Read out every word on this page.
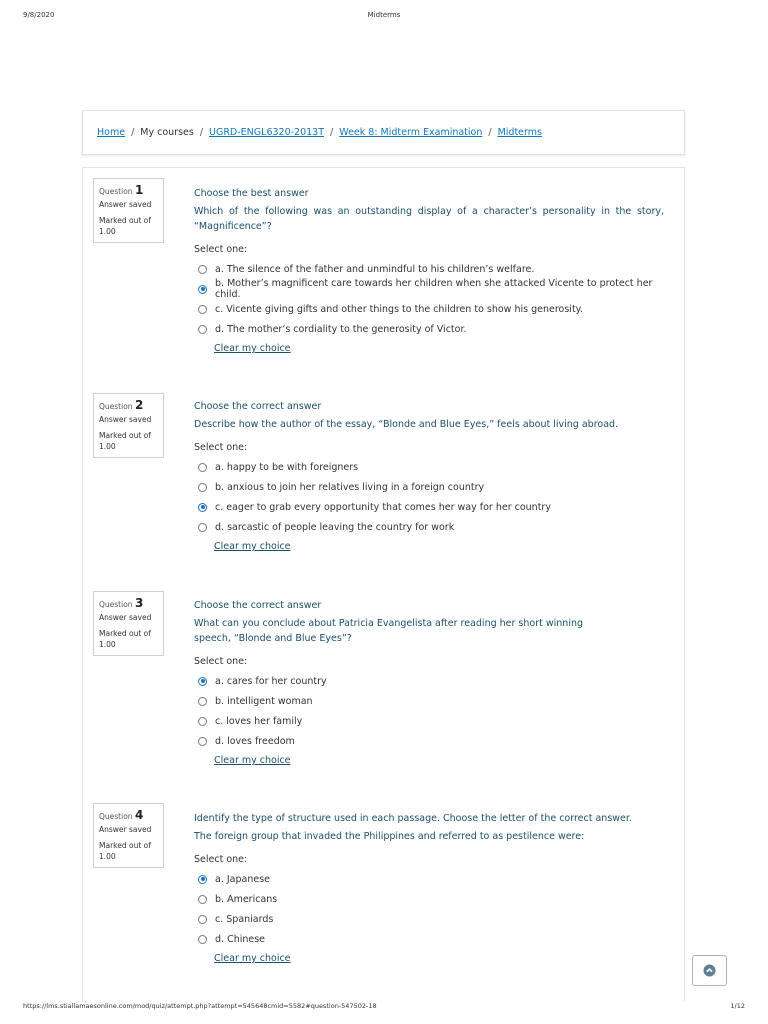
9/8/2020	Midterms
Home / My courses / UGRD-ENGL6320-2013T / Week 8: Midterm Examination / Midterms
Question 1
Answer saved
Marked out of 1.00
Choose the best answer
Which of the following was an outstanding display of a character’s personality in the story, “Magnificence”?
Select one:
a. The silence of the father and unmindful to his children’s welfare.
b. Mother’s magnificent care towards her children when she attacked Vicente to protect her child.
c. Vicente giving gifts and other things to the children to show his generosity.
d. The mother’s cordiality to the generosity of Victor.
Clear my choice
Question 2
Answer saved
Marked out of 1.00
Choose the correct answer
Describe how the author of the essay, “Blonde and Blue Eyes,” feels about living abroad.
Select one:
a. happy to be with foreigners
b. anxious to join her relatives living in a foreign country
c. eager to grab every opportunity that comes her way for her country
d. sarcastic of people leaving the country for work
Clear my choice
Question 3
Answer saved
Marked out of 1.00
Choose the correct answer
What can you conclude about Patricia Evangelista after reading her short winning speech, “Blonde and Blue Eyes”?
Select one:
a. cares for her country
b. intelligent woman
c. loves her family
d. loves freedom
Clear my choice
Question 4
Answer saved
Marked out of 1.00
Identify the type of structure used in each passage. Choose the letter of the correct answer.
The foreign group that invaded the Philippines and referred to as pestilence were:
Select one:
a. Japanese
b. Americans
c. Spaniards
d. Chinese
Clear my choice
https://lms.stiallamaesonline.com/mod/quiz/attempt.php?attempt=545648cmid=5582#question-547502-18	1/12
